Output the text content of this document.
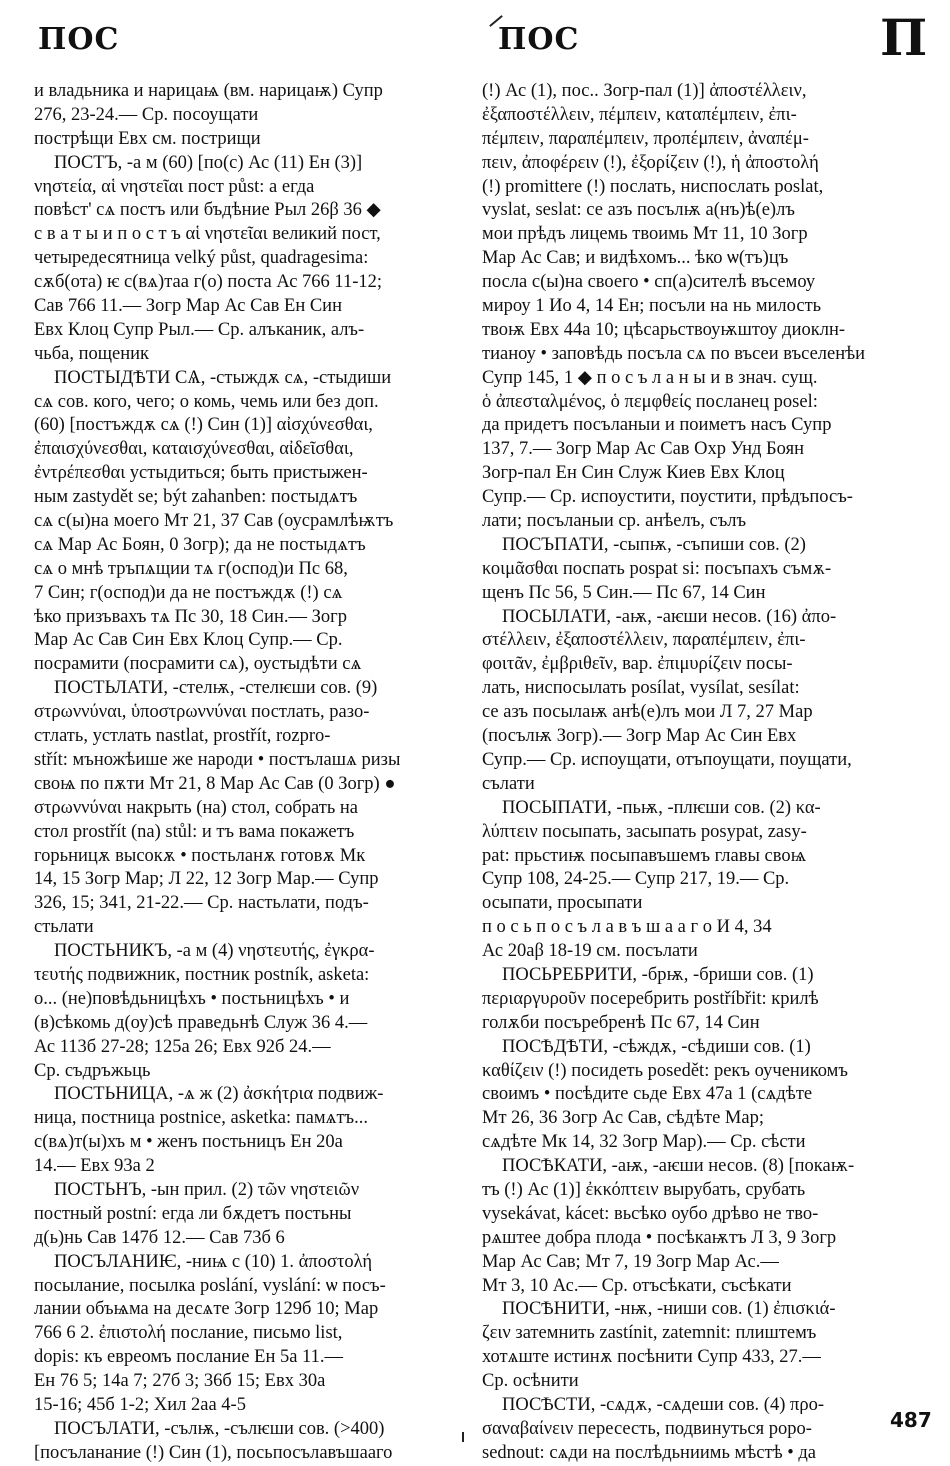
ПОС	ПОС	П
и владьника и нарицаѩ (вм. нарицаѭ) Супр
276, 23-24.— Ср. посоущати
пострѣщи Евх см. пострищи
ПОСТЪ, -а м (60) [по(с) Ас (11) Ен (3)]
νηστεία, αἱ νηστεῖαι пост půst: а егда
повѣст' сѧ постъ или бъдѣние Рыл 26β 36 ◆
с в а т ы и п о с т ъ αἱ νηστεῖαι великий пост,
четыредесятница velký půst, quadragesima:
сѫб(ота) ѥ с(вѧ)таа г(о) поста Ас 766 11-12;
Сав 766 11.— Зогр Мар Ас Сав Ен Син
Евх Клоц Супр Рыл.— Ср. алъканик, алъ-
чьба, пощеник
ПОСТЫДѢТИ СѦ, -стыждѫ сѧ, -стыдиши
сѧ сов. кого, чего; о комь, чемь или без доп.
(60) [постъждѫ сѧ (!) Син (1)] αἰσχύνεσθαι,
ἐπαισχύνεσθαι, καταισχύνεσθαι, αἰδεῖσθαι,
ἐντρέπεσθαι устыдиться; быть пристыжен-
ным zastydět se; být zahanben: постыдѧтъ
сѧ с(ы)на моего Мт 21, 37 Сав (оусрамлѣѭтъ
сѧ Мар Ас Боян, 0 Зогр); да не постыдѧтъ
сѧ о мнѣ тръпѧщии тѧ г(оспод)и Пс 68,
7 Син; г(оспод)и да не постъждѫ (!) сѧ
ѣко призъвахъ тѧ Пс 30, 18 Син.— Зогр
Мар Ас Сав Син Евх Клоц Супр.— Ср.
посрамити (посрамити сѧ), оустыдѣти сѧ
ПОСТЬЛАТИ, -стелѭ, -стелѥши сов. (9)
στρωννύναι, ὑποστρωννύναι постлать, разо-
стлать, устлать nastlat, prostřít, rozpro-
střít: мъножѣише же народи • постълашѧ ризы
своѩ по пѫти Мт 21, 8 Мар Ас Сав (0 Зогр) ●
στρωννύναι накрыть (на) стол, собрать на
стол prostřít (na) stůl: и тъ вама покажетъ
горьницѫ высокѫ • постьланѫ готовѫ Мк
14, 15 Зогр Мар; Л 22, 12 Зогр Мар.— Супр
326, 15; 341, 21-22.— Ср. настьлати, подъ-
стьлати
ПОСТЬНИКЪ, -а м (4) νηστευτής, ἐγκρα-
τευτής подвижник, постник postník, asketa:
о... (не)повѣдьницѣхъ • постьницѣхъ • и
(в)сѣкомь д(оу)сѣ праведьнѣ Служ 36 4.—
Ас 113б 27-28; 125а 26; Евх 92б 24.—
Ср. съдръжьць
ПОСТЬНИЦА, -ѧ ж (2) ἀσκήτρια подвиж-
ница, постница postnice, asketka: памѧтъ...
с(вѧ)т(ы)хъ м • женъ постьницъ Ен 20а
14.— Евх 93а 2
ПОСТЬНЪ, -ын прил. (2) τῶν νηστειῶν
постный postní: егда ли бѫдетъ постьны
д(ь)нь Сав 147б 12.— Сав 73б 6
ПОСЪЛАНИѤ, -ниѩ с (10) 1. ἀποστολή
посылание, посылка poslání, vyslání: ѡ посъ-
лании объѩма на десѧте Зогр 129б 10; Мар
766 6 2. ἐπιστολή послание, письмо list,
dopis: къ евреомъ послание Ен 5а 11.—
Ен 76 5; 14а 7; 27б 3; 36б 15; Евх 30а
15-16; 45б 1-2; Хил 2аа 4-5
ПОСЪЛАТИ, -сълѭ, -сълѥши сов. (>400)
[посъланание (!) Син (1), посьпосълавъшааго
(!) Ас (1), пос.. Зогр-пал (1)] ἀποστέλλειν,
ἐξαποστέλλειν, πέμπειν, καταπέμπειν, ἐπι-
πέμπειν, παραπέμπειν, προπέμπειν, ἀναπέμ-
πειν, ἀποφέρειν (!), ἐξορίζειν (!), ἡ ἀποστολή
(!) promittere (!) послать, ниспослать poslat,
vyslat, seslat: се азъ посълѭ а(нъ)ѣ(е)лъ
мои прѣдъ лицемь твоимь Мт 11, 10 Зогр
Мар Ас Сав; и видѣхомъ... ѣко ѡ(тъ)цъ
посла с(ы)на своего • сп(а)сителѣ въсемоу
мироу 1 Ио 4, 14 Ен; посъли на нь милость
твоѭ Евх 44а 10; цѣсарьствоуѭштоу диоклн-
тианоу • заповѣдь посъла сѧ по въсеи въселенѣи
Супр 145, 1 ◆ п о с ъ л а н ы и в знач. сущ.
ὁ ἀπεσταλμένος, ὁ πεμφθείς посланец posel:
да придетъ посъланыи и поиметъ насъ Супр
137, 7.— Зогр Мар Ас Сав Охр Унд Боян
Зогр-пал Ен Син Служ Киев Евх Клоц
Супр.— Ср. испоустити, поустити, прѣдъпосъ-
лати; посъланыи ср. анѣелъ, сълъ
ПОСЪПАТИ, -сыпѭ, -съпиши сов. (2)
κοιμᾶσθαι поспать pospat si: посъпахъ съмѫ-
щенъ Пс 56, 5 Син.— Пс 67, 14 Син
ПОСЫЛАТИ, -аѭ, -аѥши несов. (16) ἀπο-
στέλλειν, ἐξαποστέλλειν, παραπέμπειν, ἐπι-
φοιτᾶν, ἐμβριθεῖν, вар. ἐπιμυρίζειν посы-
лать, ниспосылать posílat, vysílat, sesílat:
се азъ посылаѭ анѣ(е)лъ мои Л 7, 27 Мар
(посълѭ Зогр).— Зогр Мар Ас Син Евх
Супр.— Ср. испоущати, отъпоущати, поущати,
сълати
ПОСЫПАТИ, -пьѭ, -плѥши сов. (2) κα-
λύπτειν посыпать, засыпать posypat, zasy-
pat: прьстиѭ посыпавъшемъ главы своѩ
Супр 108, 24-25.— Супр 217, 19.— Ср.
осыпати, просыпати
п о с ь п о с ъ л а в ъ ш а а г о И 4, 34
Ас 20аβ 18-19 см. посълати
ПОСЬРЕБРИТИ, -брѭ, -бриши сов. (1)
περιαργυροῦν посеребрить postříbřit: крилѣ
голѫби посъребренѣ Пс 67, 14 Син
ПОСѢДѢТИ, -сѣждѫ, -сѣдиши сов. (1)
καθίζειν (!) посидеть posedět: рекъ оученикомъ
своимъ • посѣдите сьде Евх 47а 1 (сѧдѣте
Мт 26, 36 Зогр Ас Сав, сѣдѣте Мар;
сѧдѣте Мк 14, 32 Зогр Мар).— Ср. сѣсти
ПОСѢКАТИ, -аѭ, -аѥши несов. (8) [покаѭ-
тъ (!) Ас (1)] ἐκκόπτειν вырубать, срубать
vysekávat, kácet: вьсѣко оубо дрѣво не тво-
рѧштее добра плода • посѣкаѭтъ Л 3, 9 Зогр
Мар Ас Сав; Мт 7, 19 Зогр Мар Ас.—
Мт 3, 10 Ас.— Ср. отъсѣкати, съсѣкати
ПОСѢНИТИ, -нѭ, -ниши сов. (1) ἐπισκιά-
ζειν затемнить zastínit, zatemnit: плиштемъ
хотѧште истинѫ посѣнити Супр 433, 27.—
Ср. осѣнити
ПОСѢСТИ, -сѧдѫ, -сѧдеши сов. (4) προ-
σαναβαίνειν пересесть, подвинуться роро-
sednout: сѧди на послѣдьниимь мѣстѣ • да
487
